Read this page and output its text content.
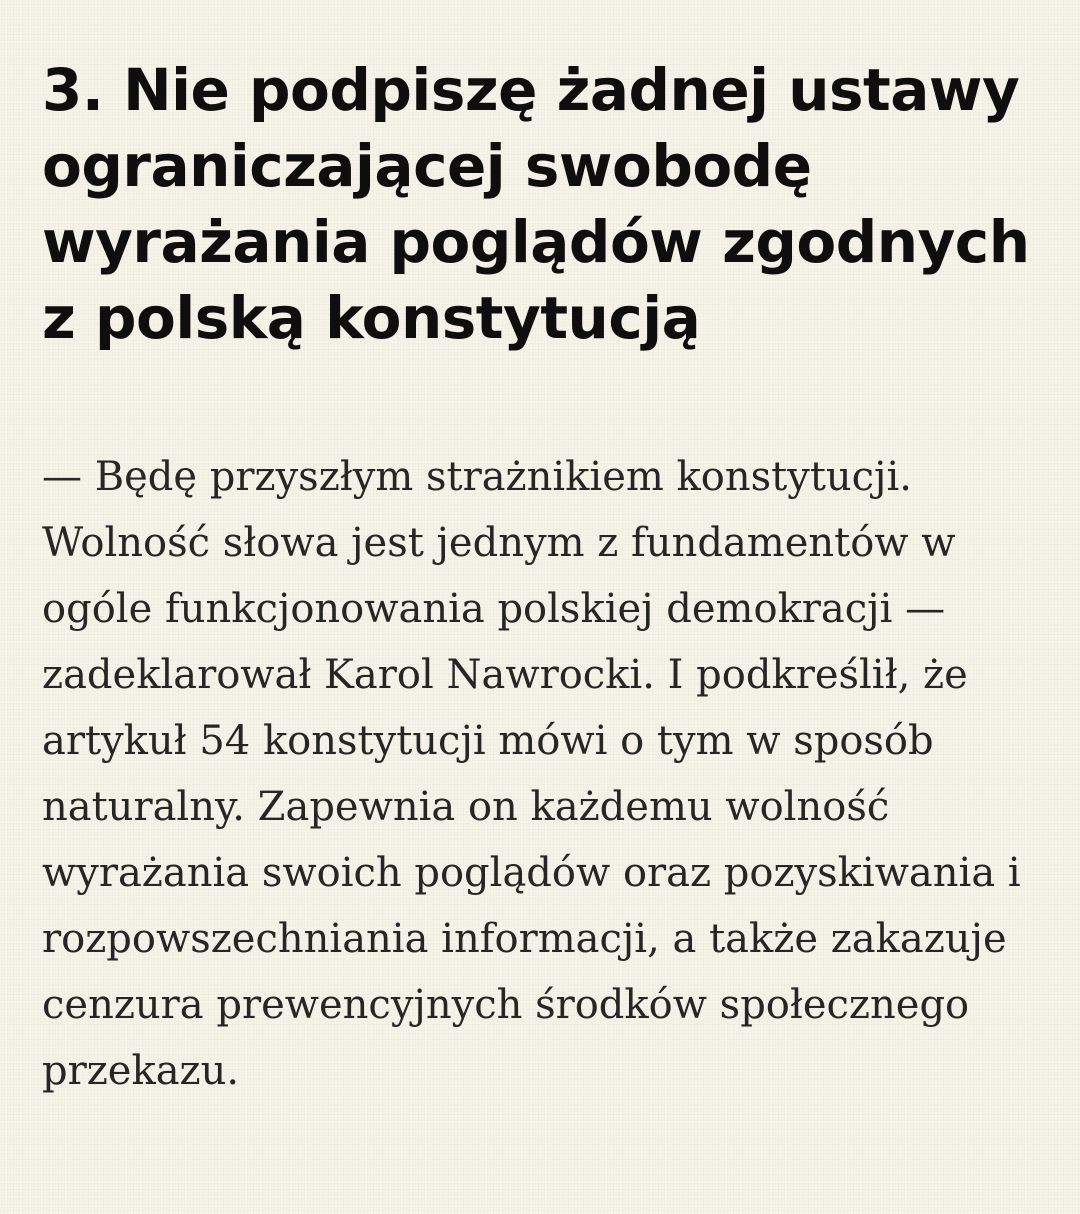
3. Nie podpiszę żadnej ustawy ograniczającej swobodę wyrażania poglądów zgodnych z polską konstytucją

— Będę przyszłym strażnikiem konstytucji. Wolność słowa jest jednym z fundamentów w ogóle funkcjonowania polskiej demokracji — zadeklarował Karol Nawrocki. I podkreślił, że artykuł 54 konstytucji mówi o tym w sposób naturalny. Zapewnia on każdemu wolność wyrażania swoich poglądów oraz pozyskiwania i rozpowszechniania informacji, a także zakazuje cenzura prewencyjnych środków społecznego przekazu.
